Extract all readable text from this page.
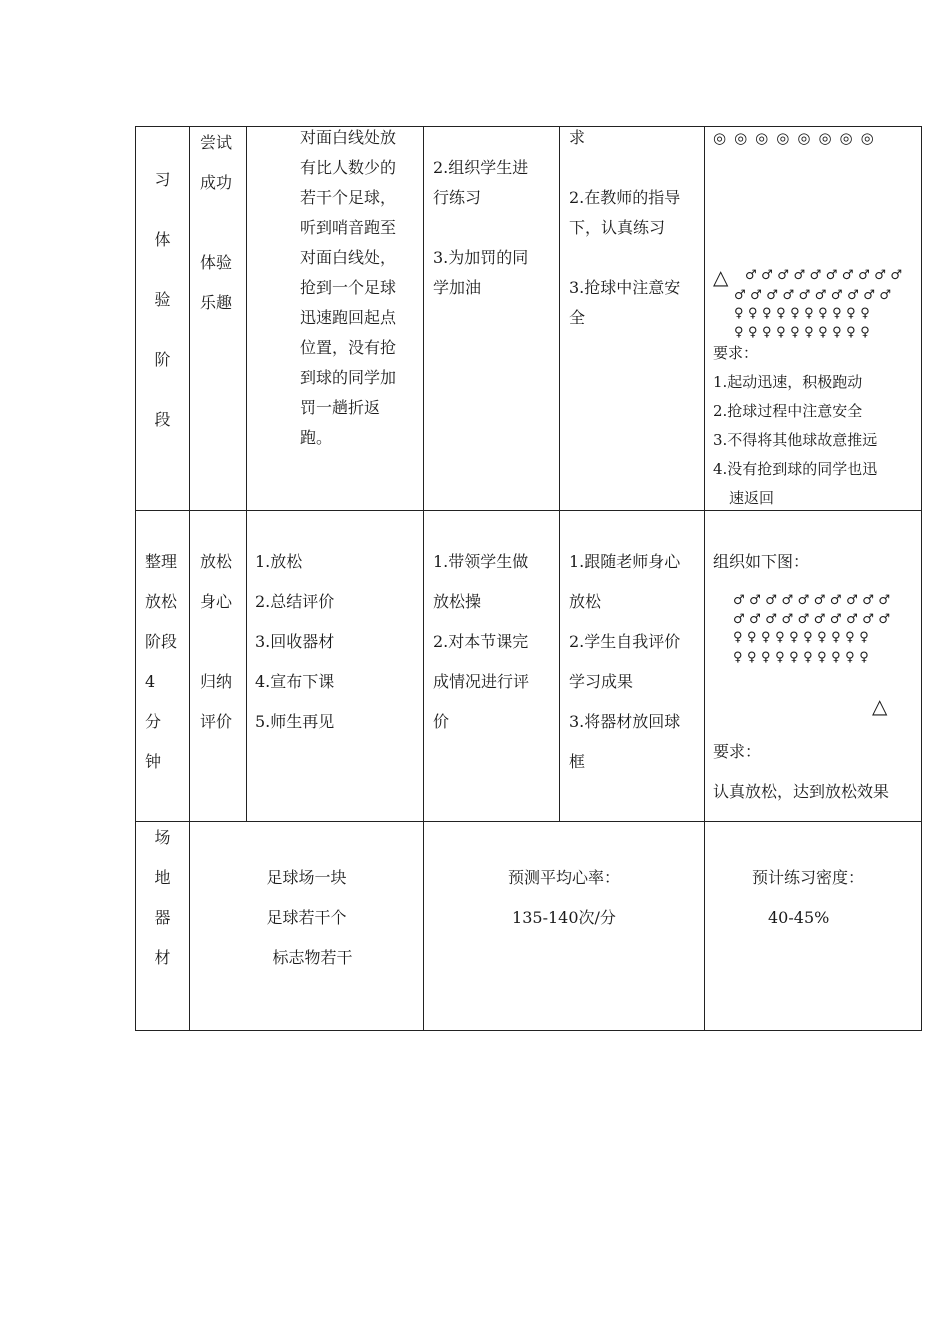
习
体
验
阶
段
尝试
成功
体验
乐趣
对面白线处放
有比人数少的
若干个足球，
听到哨音跑至
对面白线处，
抢到一个足球
迅速跑回起点
位置，没有抢
到球的同学加
罚一趟折返
跑。
2.组织学生进
行练习
3.为加罚的同
学加油
求
2.在教师的指导
下，认真练习
3.抢球中注意安
全
◎◎◎◎◎◎◎◎
△ ♂♂♂♂♂♂♂♂♂♂
♂♂♂♂♂♂♂♂♂♂
♀♀♀♀♀♀♀♀♀♀
♀♀♀♀♀♀♀♀♀♀
要求：
1.起动迅速，积极跑动
2.抢球过程中注意安全
3.不得将其他球故意推远
4.没有抢到球的同学也迅
速返回
整理
放松
阶段
4
分
钟
放松
身心
归纳
评价
1.放松
2.总结评价
3.回收器材
4.宣布下课
5.师生再见
1.带领学生做
放松操
2.对本节课完
成情况进行评
价
1.跟随老师身心
放松
2.学生自我评价
学习成果
3.将器材放回球
框
组织如下图：
♂♂♂♂♂♂♂♂♂♂
♂♂♂♂♂♂♂♂♂♂
♀♀♀♀♀♀♀♀♀♀
♀♀♀♀♀♀♀♀♀♀
△
要求：
认真放松，达到放松效果
场
地
器
材
足球场一块
足球若干个
标志物若干
预测平均心率：
135-140次/分
预计练习密度：
40-45%
